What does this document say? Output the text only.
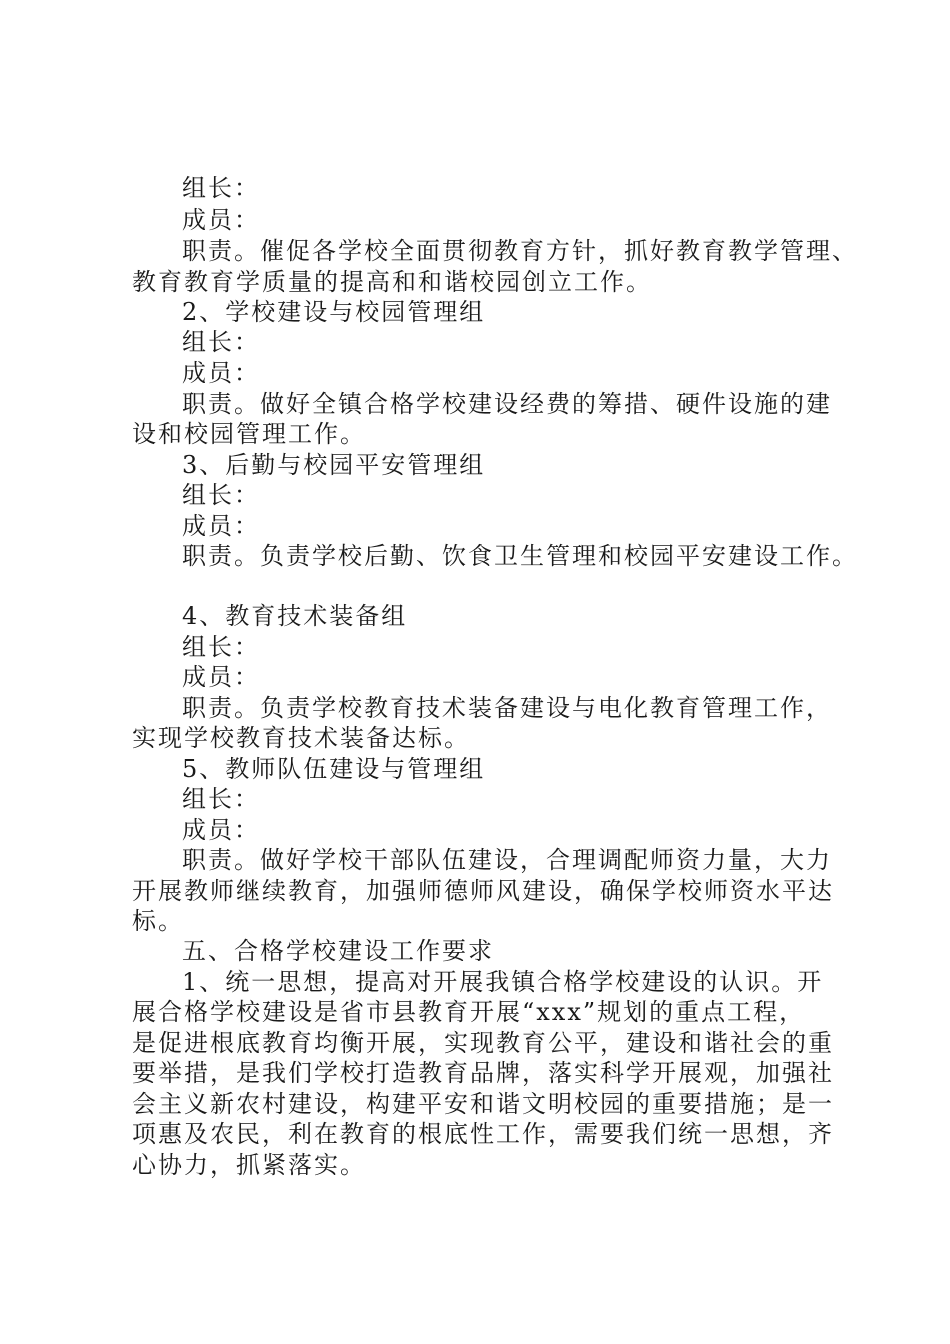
组长：
成员：
职责。催促各学校全面贯彻教育方针，抓好教育教学管理、
教育教育学质量的提高和和谐校园创立工作。
2、学校建设与校园管理组
组长：
成员：
职责。做好全镇合格学校建设经费的筹措、硬件设施的建
设和校园管理工作。
3、后勤与校园平安管理组
组长：
成员：
职责。负责学校后勤、饮食卫生管理和校园平安建设工作。
4、教育技术装备组
组长：
成员：
职责。负责学校教育技术装备建设与电化教育管理工作，
实现学校教育技术装备达标。
5、教师队伍建设与管理组
组长：
成员：
职责。做好学校干部队伍建设，合理调配师资力量，大力
开展教师继续教育，加强师德师风建设，确保学校师资水平达
标。
五、合格学校建设工作要求
1、统一思想，提高对开展我镇合格学校建设的认识。开
展合格学校建设是省市县教育开展“xxx”规划的重点工程，
是促进根底教育均衡开展，实现教育公平，建设和谐社会的重
要举措，是我们学校打造教育品牌，落实科学开展观，加强社
会主义新农村建设，构建平安和谐文明校园的重要措施；是一
项惠及农民，利在教育的根底性工作，需要我们统一思想，齐
心协力，抓紧落实。
